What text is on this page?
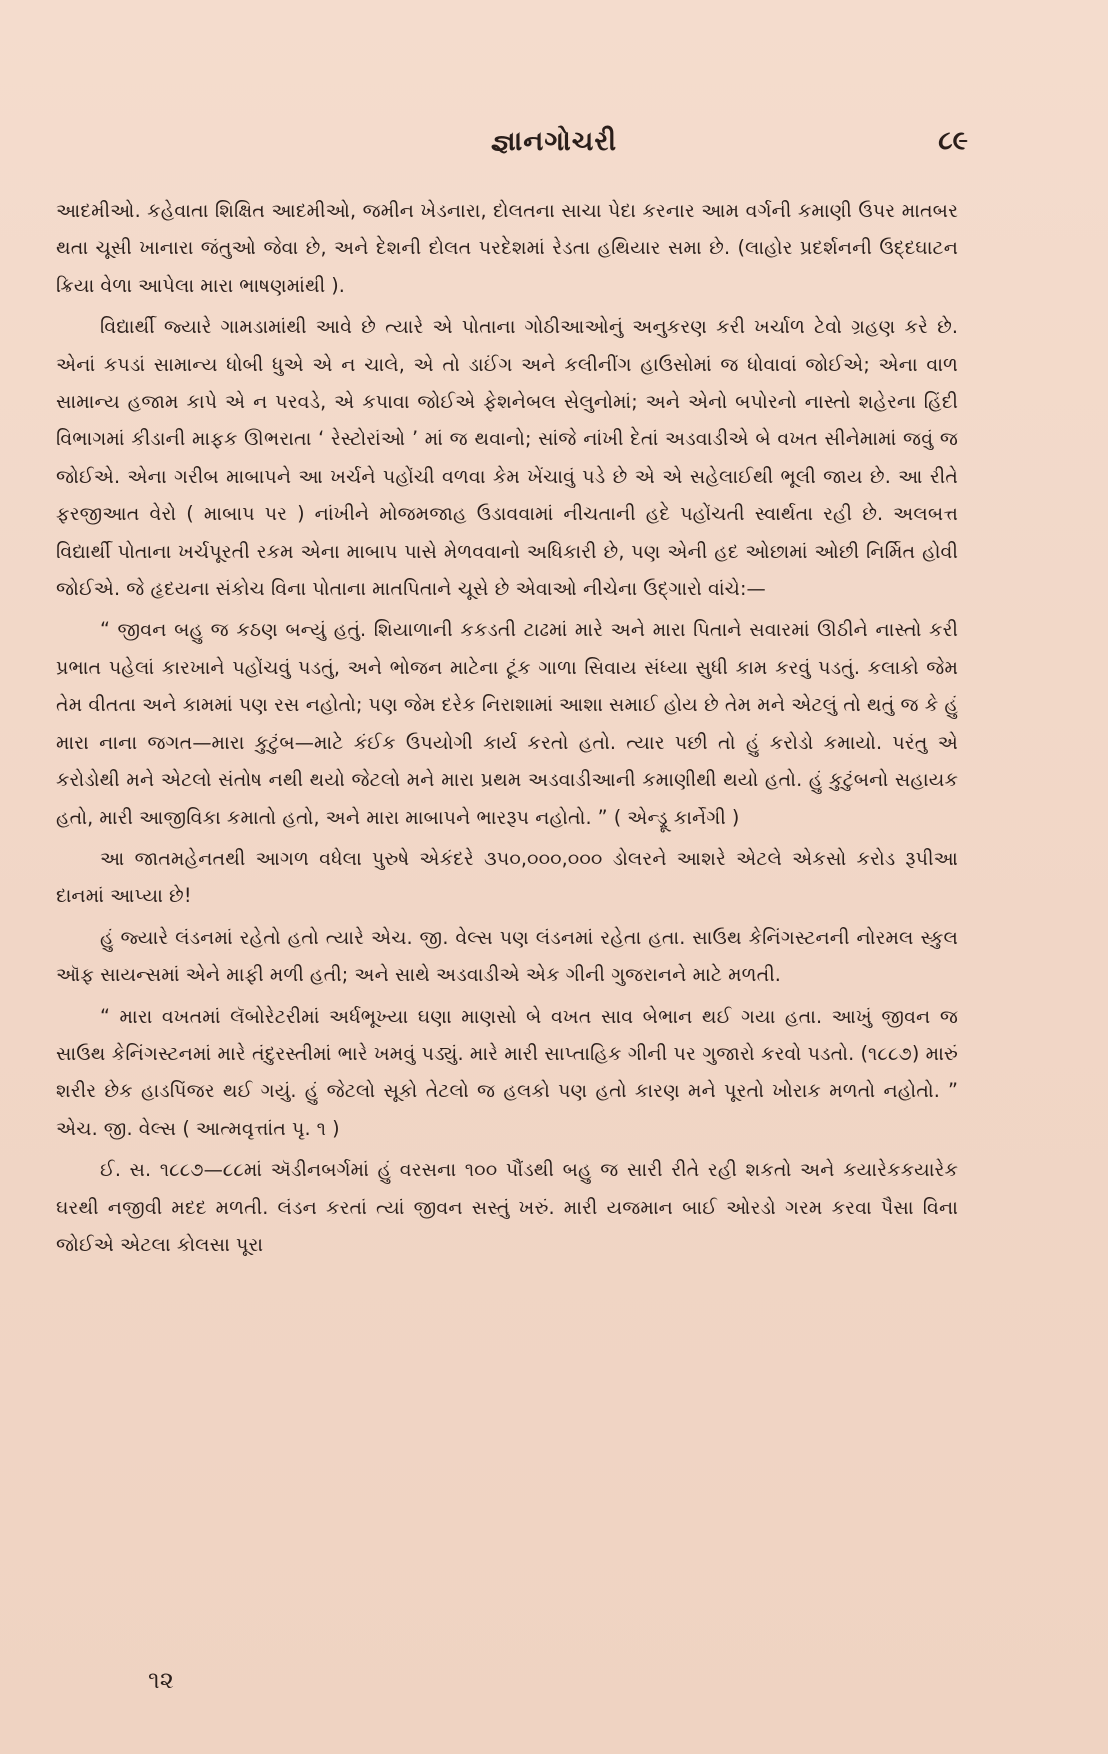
જ્ઞાનગોચરી	૮૯

આદમીઓ. કહેવાતા શિક્ષિત આદમીઓ, જમીન ખેડનારા, દોલતના સાચા પેદા કરનાર આમ વર્ગની કમાણી ઉપર માતબર થતા ચૂસી ખાનારા જંતુઓ જેવા છે, અને દેશની દોલત પરદેશમાં રેડતા હથિયાર સમા છે. (લાહોર પ્રદર્શનની ઉદ્દઘાટન ક્રિયા વેળા આપેલા મારા ભાષણમાંથી ).

વિદ્યાર્થી જ્યારે ગામડામાંથી આવે છે ત્યારે એ પોતાના ગોઠીઆઓનું અનુકરણ કરી ખર્ચાળ ટેવો ગ્રહણ કરે છે. એનાં કપડાં સામાન્ય ધોબી ધુએ એ ન ચાલે, એ તો ડાઈંગ અને કલીનીંગ હાઉસોમાં જ ધોવાવાં જોઈએ; એના વાળ સામાન્ય હજામ કાપે એ ન પરવડે, એ કપાવા જોઈએ ફેશનેબલ સેલુનોમાં; અને એનો બપોરનો નાસ્તો શહેરના હિંદી વિભાગમાં કીડાની માફક ઊભરાતા ‘ રેસ્ટોરાંઓ ’ માં જ થવાનો; સાંજે નાંખી દેતાં અડવાડીએ બે વખત સીનેમામાં જવું જ જોઈએ. એના ગરીબ માબાપને આ ખર્ચને પહોંચી વળવા કેમ ખેંચાવું પડે છે એ એ સહેલાઈથી ભૂલી જાય છે. આ રીતે ફરજીઆત વેરો ( માબાપ પર ) નાંખીને મોજમજાહ ઉડાવવામાં નીચતાની હદે પહોંચતી સ્વાર્થતા રહી છે. અલબત્ત વિદ્યાર્થી પોતાના ખર્ચપૂરતી રકમ એના માબાપ પાસે મેળવવાનો અધિકારી છે, પણ એની હદ ઓછામાં ઓછી નિર્મિત હોવી જોઈએ. જે હૃદયના સંકોચ વિના પોતાના માતપિતાને ચૂસે છે એવાઓ નીચેના ઉદ્‌ગારો વાંચે:—

“ જીવન બહુ જ કઠણ બન્યું હતું. શિયાળાની કકડતી ટાઢમાં મારે અને મારા પિતાને સવારમાં ઊઠીને નાસ્તો કરી પ્રભાત પહેલાં કારખાને પહોંચવું પડતું, અને ભોજન માટેના ટૂંક ગાળા સિવાય સંધ્યા સુધી કામ કરવું પડતું. કલાકો જેમ તેમ વીતતા અને કામમાં પણ રસ નહોતો; પણ જેમ દરેક નિરાશામાં આશા સમાઈ હોય છે તેમ મને એટલું તો થતું જ કે હું મારા નાના જગત—મારા કુટુંબ—માટે કંઈક ઉપયોગી કાર્ય કરતો હતો. ત્યાર પછી તો હું કરોડો કમાયો. પરંતુ એ કરોડોથી મને એટલો સંતોષ નથી થયો જેટલો મને મારા પ્રથમ અડવાડીઆની કમાણીથી થયો હતો. હું કુટુંબનો સહાયક હતો, મારી આજીવિકા કમાતો હતો, અને મારા માબાપને ભારરૂપ નહોતો. ” ( એન્ડ્રૂ કાર્નેગી )

આ જાતમહેનતથી આગળ વધેલા પુરુષે એકંદરે ૩૫૦,૦૦૦,૦૦૦ ડોલરને આશરે એટલે એકસો કરોડ રૂપીઆ દાનમાં આપ્યા છે!

હું જ્યારે લંડનમાં રહેતો હતો ત્યારે એચ. જી. વેલ્સ પણ લંડનમાં રહેતા હતા. સાઉથ કેનિંગસ્ટનની નોરમલ સ્કુલ ઑફ સાયન્સમાં એને માફી મળી હતી; અને સાથે અડવાડીએ એક ગીની ગુજરાનને માટે મળતી.

“ મારા વખતમાં લૅબોરેટરીમાં અર્ધભૂખ્યા ઘણા માણસો બે વખત સાવ બેભાન થઈ ગયા હતા. આખું જીવન જ સાઉથ કેનિંગસ્ટનમાં મારે તંદુરસ્તીમાં ભારે ખમવું પડ્યું. મારે મારી સાપ્તાહિક ગીની પર ગુજારો કરવો પડતો. (૧૮૮૭) મારું શરીર છેક હાડપિંજર થઈ ગયું. હું જેટલો સૂકો તેટલો જ હલકો પણ હતો કારણ મને પૂરતો ખોરાક મળતો નહોતો. ” એચ. જી. વેલ્સ ( આત્મવૃત્તાંત પૃ. ૧ )

ઈ. સ. ૧૮૮૭—૮૮માં ઍડીનબર્ગમાં હું વરસના ૧૦૦ પૌંડથી બહુ જ સારી રીતે રહી શકતો અને કયારેકકયારેક ઘરથી નજીવી મદદ મળતી. લંડન કરતાં ત્યાં જીવન સસ્તું ખરું. મારી યજમાન બાઈ ઓરડો ગરમ કરવા પૈસા વિના જોઈએ એટલા કોલસા પૂરા

૧૨
